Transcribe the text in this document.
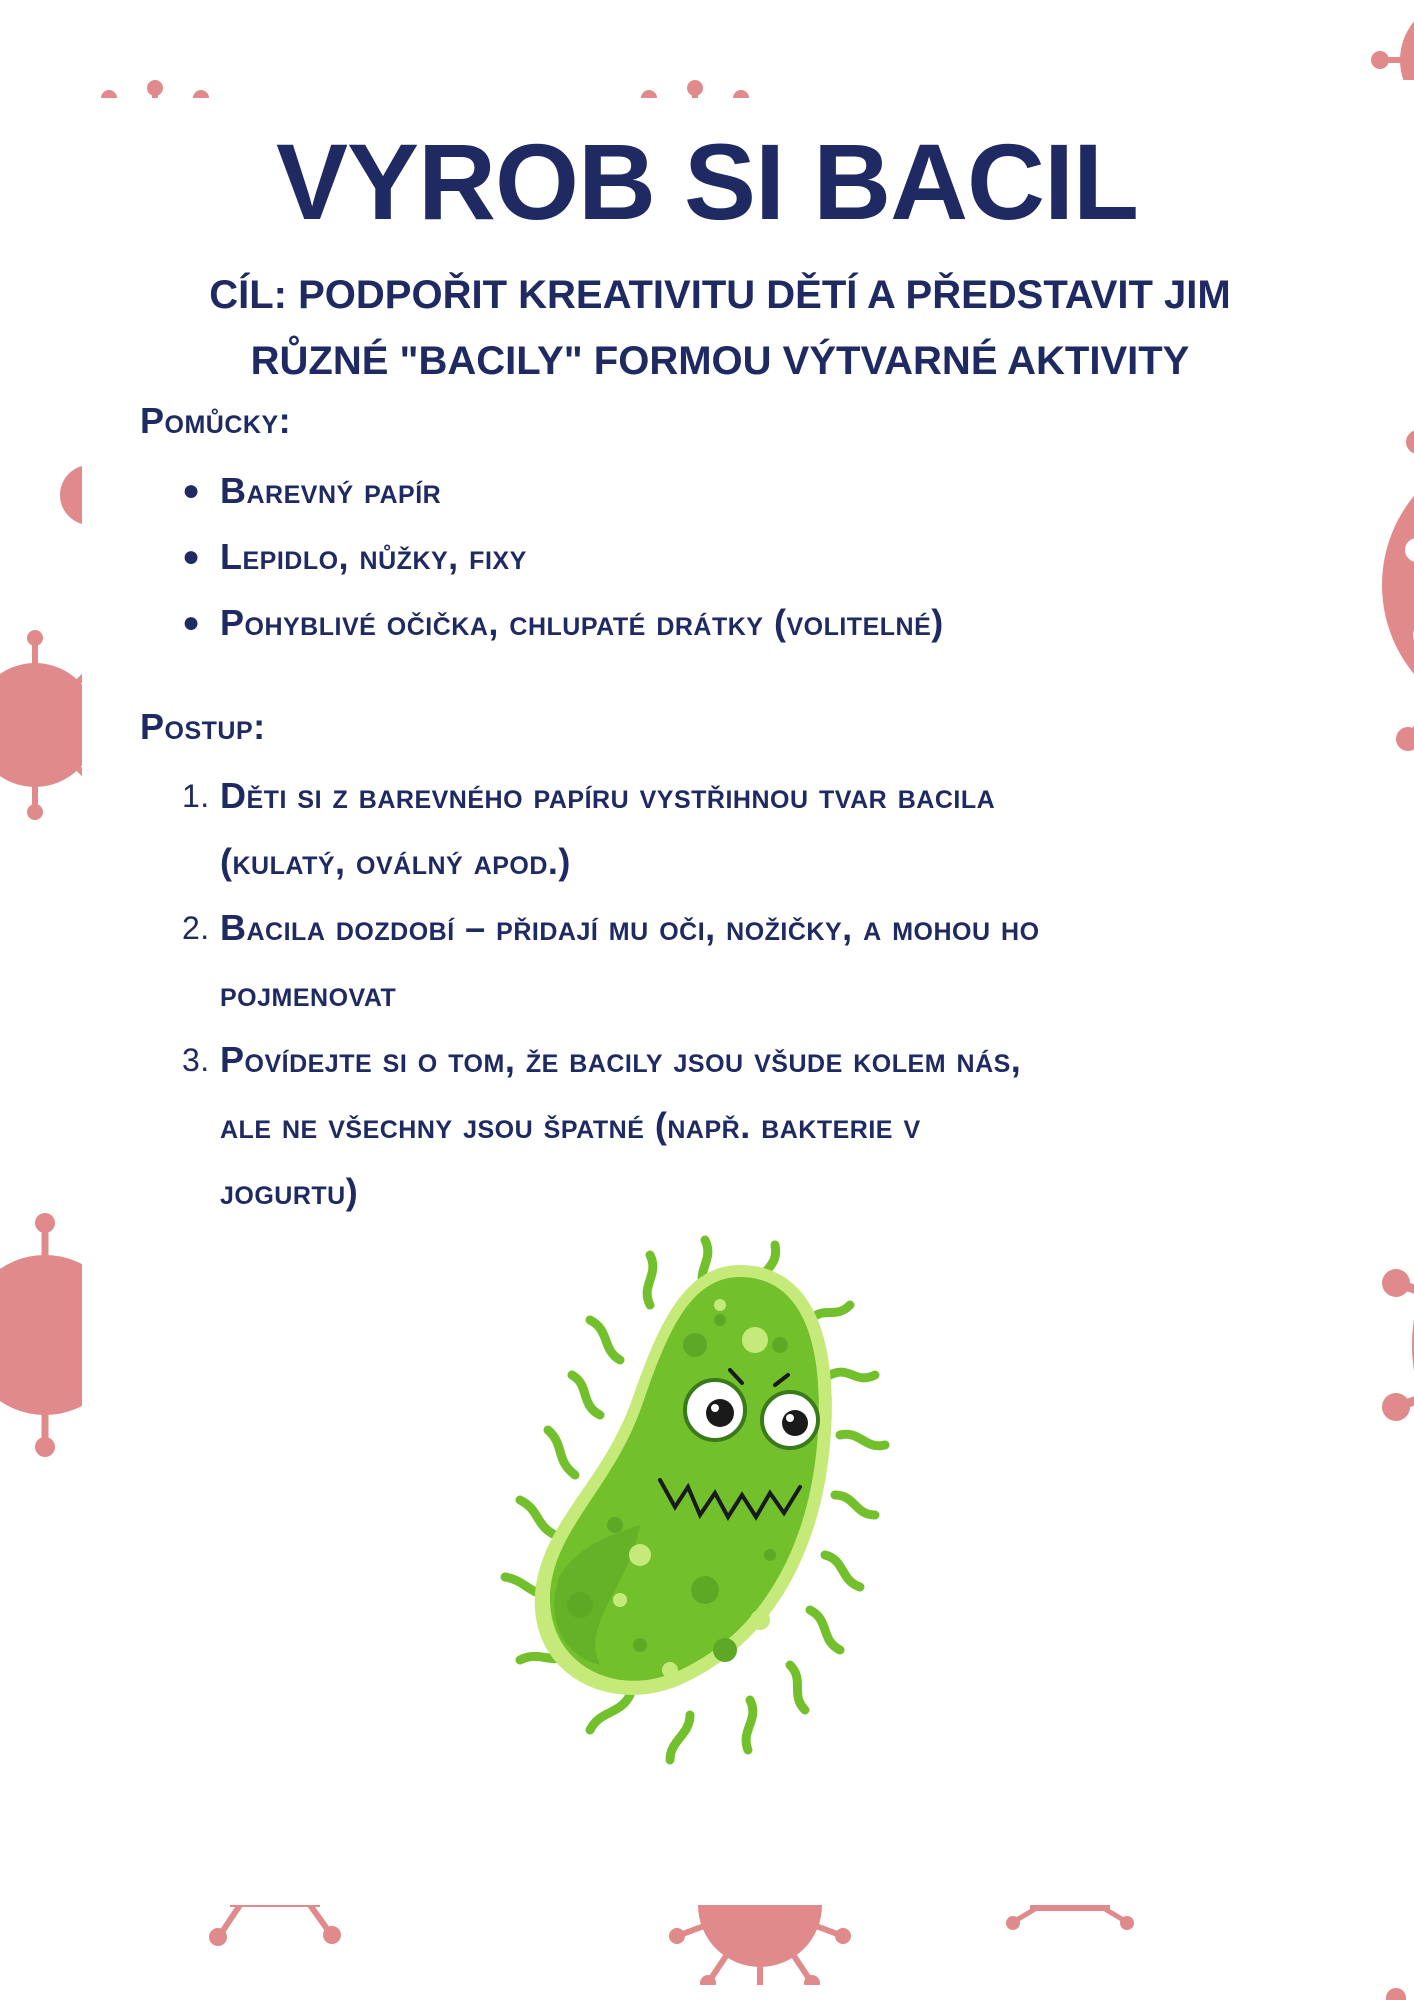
VYROB SI BACIL
CÍL: PODPOŘIT KREATIVITU DĚTÍ A PŘEDSTAVIT JIM
RŮZNÉ "BACILY" FORMOU VÝTVARNÉ AKTIVITY
Pomůcky:
● Barevný papír
● Lepidlo, nůžky, fixy
● Pohyblivé očička, chlupaté drátky (volitelné)
Postup:
1. Děti si z barevného papíru vystřihnou tvar bacila
(kulatý, oválný apod.)
2. Bacila dozdobí – přidají mu oči, nožičky, a mohou ho
pojmenovat
3. Povídejte si o tom, že bacily jsou všude kolem nás,
ale ne všechny jsou špatné (např. bakterie v
jogurtu)
